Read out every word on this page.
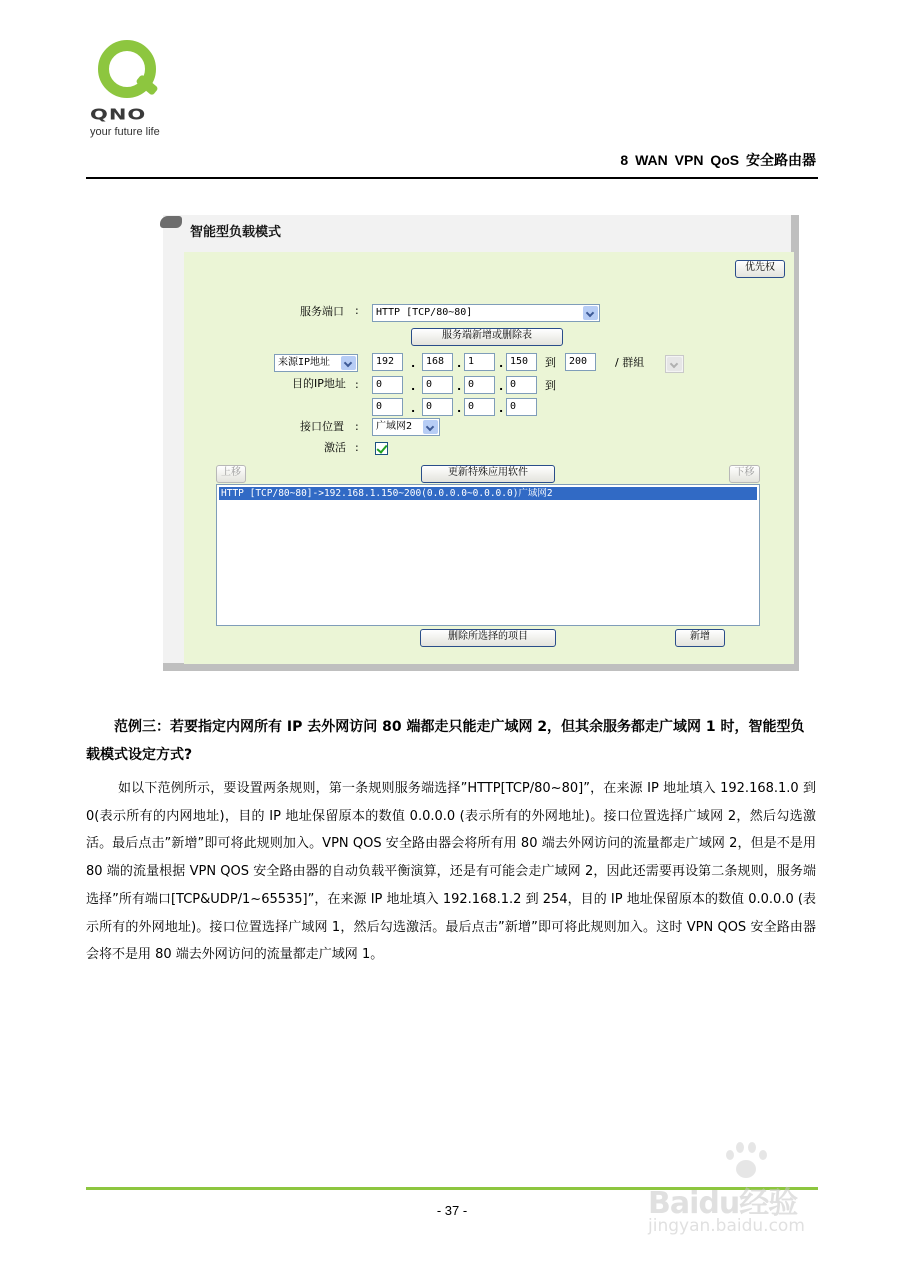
QNO
your future life
8 WAN VPN QoS 安全路由器
智能型负载模式
优先权
服务端口 :	HTTP [TCP/80~80]
服务端新增或删除表
来源IP地址	192	.	168	. 1	. 150	到	200	/ 群組
目的IP地址 :	0	.	0	. 0	. 0	到
0	.	0	. 0	. 0
接口位置 :	广域网2
激活 :
上移	更新特殊应用软件	下移
HTTP [TCP/80~80]->192.168.1.150~200(0.0.0.0~0.0.0.0)广域网2
删除所选择的项目	新增
范例三：若要指定内网所有 IP 去外网访问 80 端都走只能走广域网 2，但其余服务都走广域网 1 时，智能型负载模式设定方式?
如以下范例所示，要设置两条规则，第一条规则服务端选择”HTTP[TCP/80~80]”，在来源 IP 地址填入 192.168.1.0 到 0(表示所有的内网地址)，目的 IP 地址保留原本的数值 0.0.0.0 (表示所有的外网地址)。接口位置选择广域网 2，然后勾选激活。最后点击”新增”即可将此规则加入。VPN QOS 安全路由器会将所有用 80 端去外网访问的流量都走广域网 2，但是不是用 80 端的流量根据 VPN QOS 安全路由器的自动负载平衡演算，还是有可能会走广域网 2，因此还需要再设第二条规则，服务端选择”所有端口[TCP&UDP/1~65535]”，在来源 IP 地址填入 192.168.1.2 到 254，目的 IP 地址保留原本的数值 0.0.0.0 (表示所有的外网地址)。接口位置选择广域网 1，然后勾选激活。最后点击”新增”即可将此规则加入。这时 VPN QOS 安全路由器会将不是用 80 端去外网访问的流量都走广域网 1。
- 37 -	Baidu经验
jingyan.baidu.com
